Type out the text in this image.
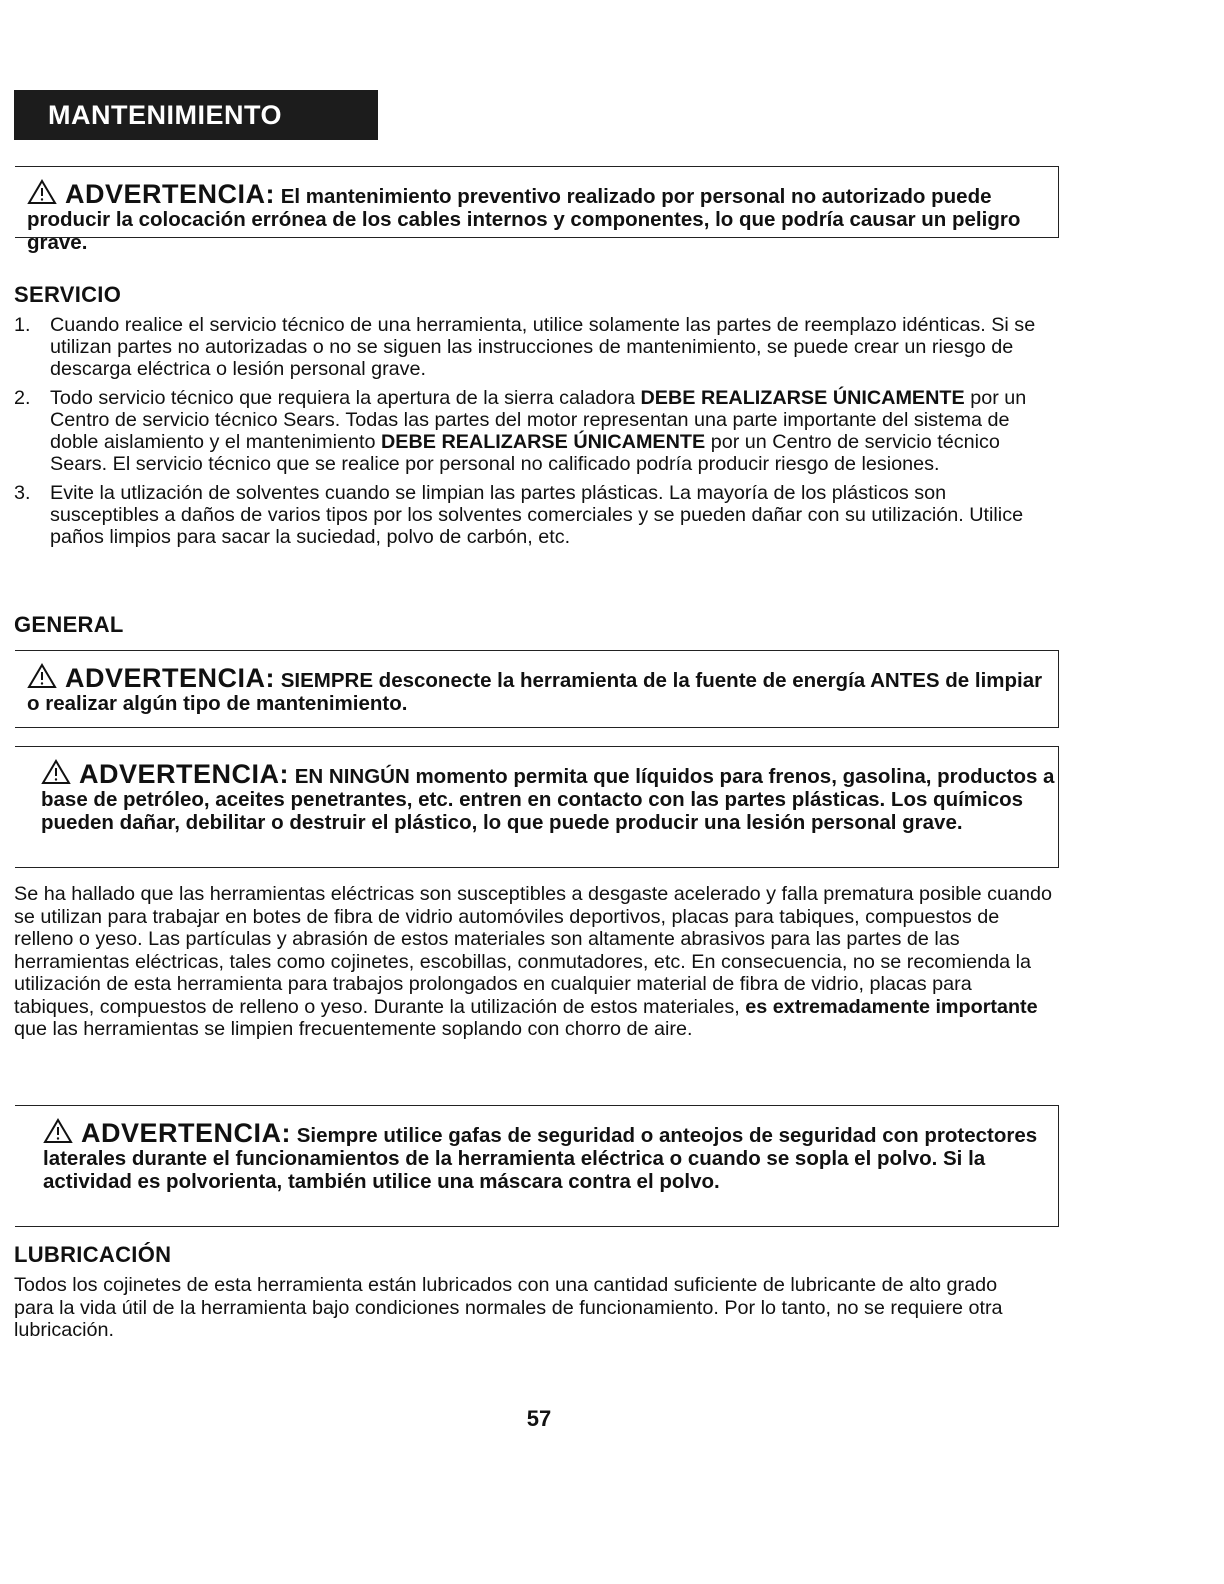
MANTENIMIENTO
ADVERTENCIA: El mantenimiento preventivo realizado por personal no autorizado puede producir la colocación errónea de los cables internos y componentes, lo que podría causar un peligro grave.
SERVICIO
1. Cuando realice el servicio técnico de una herramienta, utilice solamente las partes de reemplazo idénticas. Si se utilizan partes no autorizadas o no se siguen las instrucciones de mantenimiento, se puede crear un riesgo de descarga eléctrica o lesión personal grave.
2. Todo servicio técnico que requiera la apertura de la sierra caladora DEBE REALIZARSE ÚNICAMENTE por un Centro de servicio técnico Sears. Todas las partes del motor representan una parte importante del sistema de doble aislamiento y el mantenimiento DEBE REALIZARSE ÚNICAMENTE por un Centro de servicio técnico Sears. El servicio técnico que se realice por personal no calificado podría producir riesgo de lesiones.
3. Evite la utlización de solventes cuando se limpian las partes plásticas. La mayoría de los plásticos son susceptibles a daños de varios tipos por los solventes comerciales y se pueden dañar con su utilización. Utilice paños limpios para sacar la suciedad, polvo de carbón, etc.
GENERAL
ADVERTENCIA: SIEMPRE desconecte la herramienta de la fuente de energía ANTES de limpiar o realizar algún tipo de mantenimiento.
ADVERTENCIA: EN NINGÚN momento permita que líquidos para frenos, gasolina, productos a base de petróleo, aceites penetrantes, etc. entren en contacto con las partes plásticas. Los químicos pueden dañar, debilitar o destruir el plástico, lo que puede producir una lesión personal grave.
Se ha hallado que las herramientas eléctricas son susceptibles a desgaste acelerado y falla prematura posible cuando se utilizan para trabajar en botes de fibra de vidrio automóviles deportivos, placas para tabiques, compuestos de relleno o yeso. Las partículas y abrasión de estos materiales son altamente abrasivos para las partes de las herramientas eléctricas, tales como cojinetes, escobillas, conmutadores, etc. En consecuencia, no se recomienda la utilización de esta herramienta para trabajos prolongados en cualquier material de fibra de vidrio, placas para tabiques, compuestos de relleno o yeso. Durante la utilización de estos materiales, es extremadamente importante que las herramientas se limpien frecuentemente soplando con chorro de aire.
ADVERTENCIA: Siempre utilice gafas de seguridad o anteojos de seguridad con protectores laterales durante el funcionamientos de la herramienta eléctrica o cuando se sopla el polvo. Si la actividad es polvorienta, también utilice una máscara contra el polvo.
LUBRICACIÓN
Todos los cojinetes de esta herramienta están lubricados con una cantidad suficiente de lubricante de alto grado para la vida útil de la herramienta bajo condiciones normales de funcionamiento. Por lo tanto, no se requiere otra lubricación.
57
